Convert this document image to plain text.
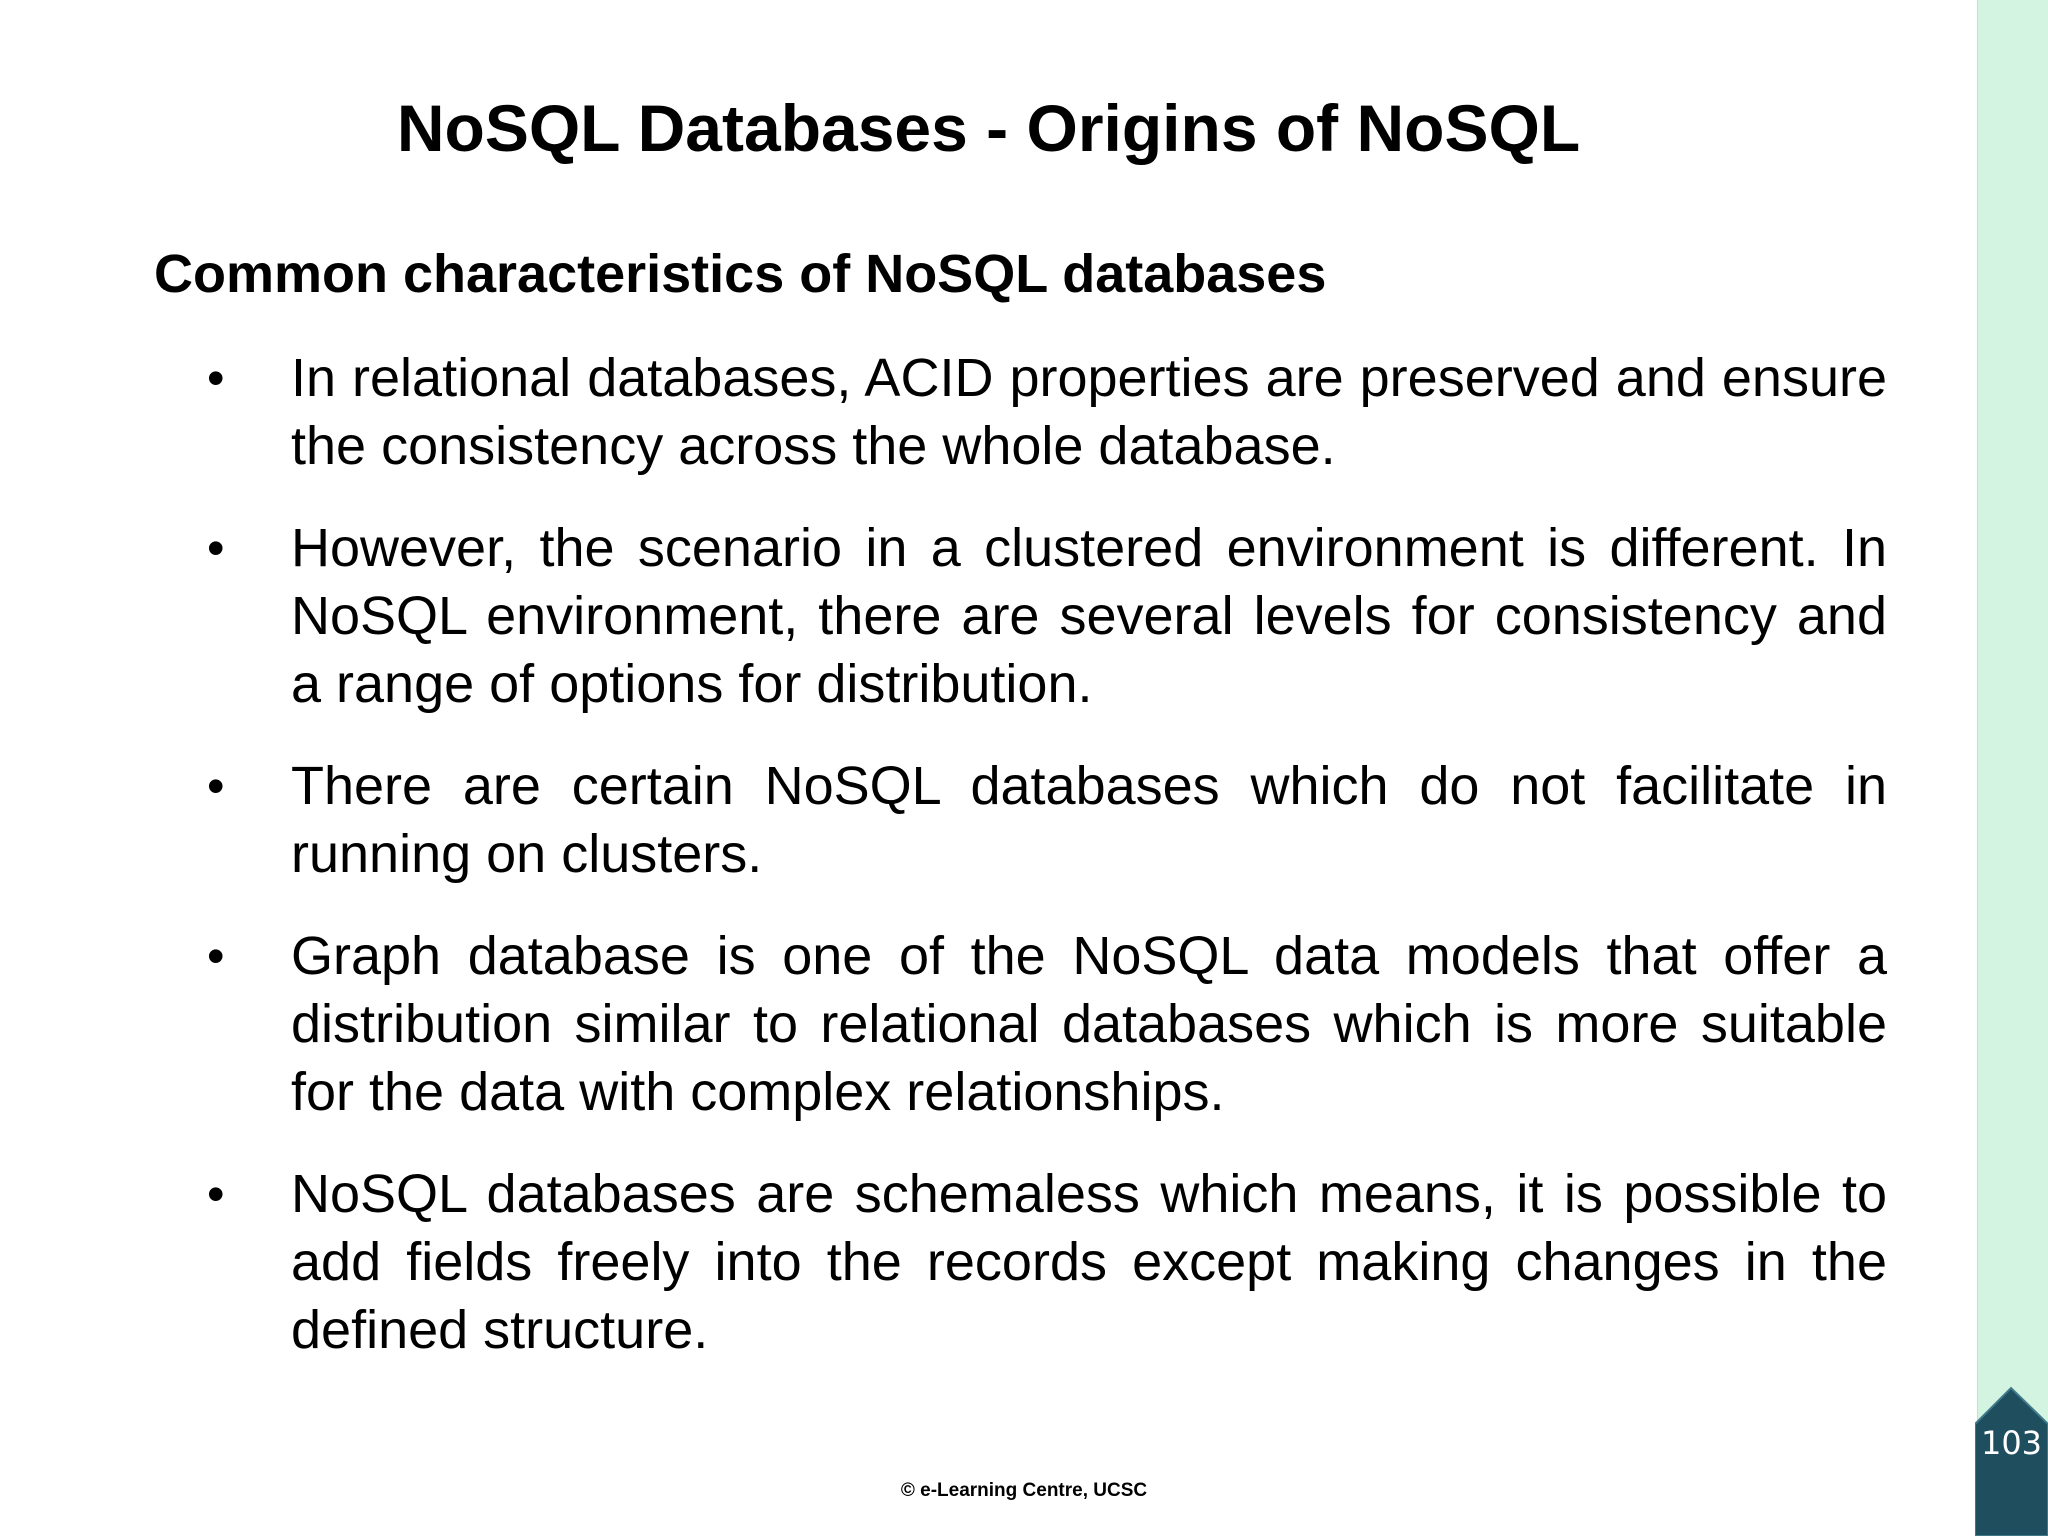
NoSQL Databases - Origins of NoSQL
Common characteristics of NoSQL databases
• In relational databases, ACID properties are preserved and ensure the consistency across the whole database.

• However, the scenario in a clustered environment is different. In NoSQL environment, there are several levels for consistency and a range of options for distribution.

• There are certain NoSQL databases which do not facilitate in running on clusters.

• Graph database is one of the NoSQL data models that offer a distribution similar to relational databases which is more suitable for the data with complex relationships.

• NoSQL databases are schemaless which means, it is possible to add fields freely into the records except making changes in the defined structure.

© e-Learning Centre, UCSC

103
